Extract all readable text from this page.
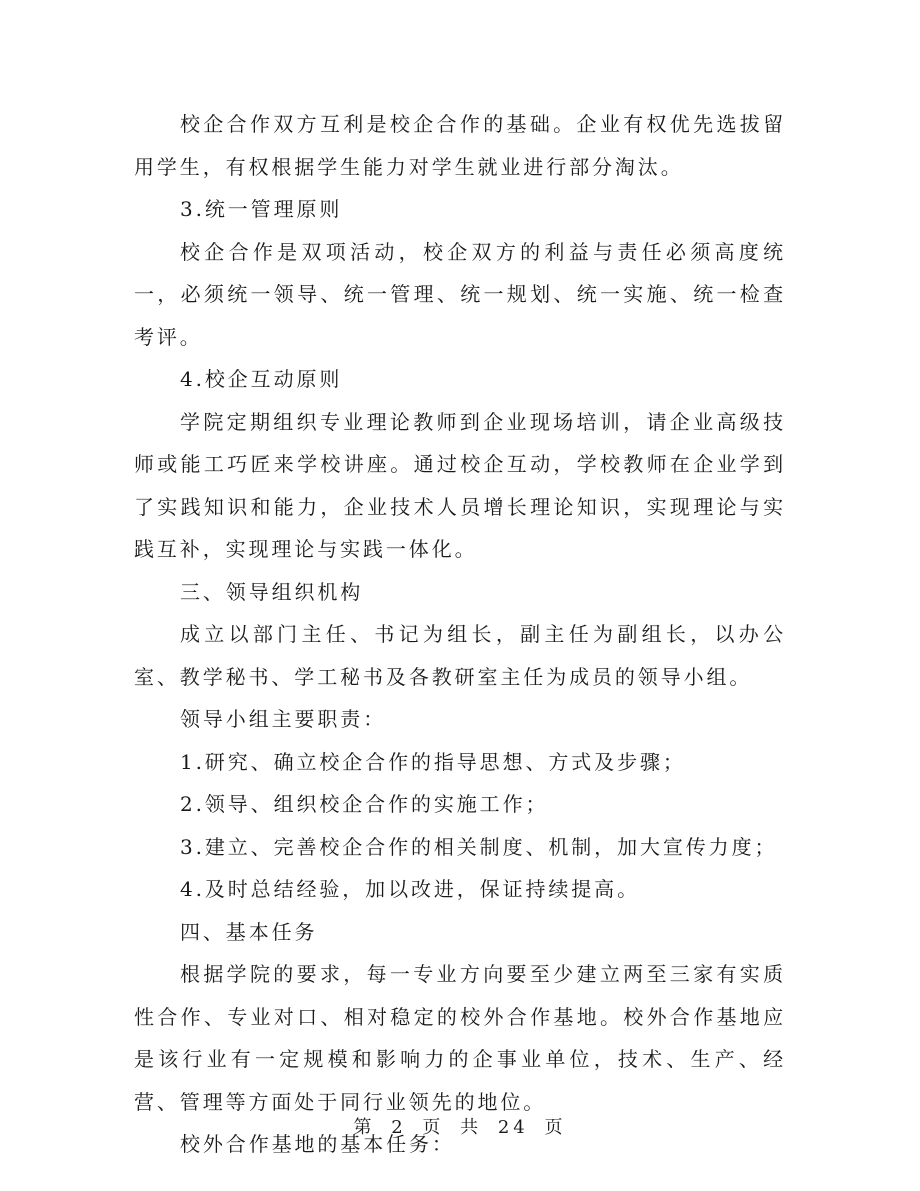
校企合作双方互利是校企合作的基础。企业有权优先选拔留用学生，有权根据学生能力对学生就业进行部分淘汰。

3.统一管理原则

校企合作是双项活动，校企双方的利益与责任必须高度统一，必须统一领导、统一管理、统一规划、统一实施、统一检查考评。

4.校企互动原则

学院定期组织专业理论教师到企业现场培训，请企业高级技师或能工巧匠来学校讲座。通过校企互动，学校教师在企业学到了实践知识和能力，企业技术人员增长理论知识，实现理论与实践互补，实现理论与实践一体化。

三、领导组织机构

成立以部门主任、书记为组长，副主任为副组长，以办公室、教学秘书、学工秘书及各教研室主任为成员的领导小组。

领导小组主要职责：

1.研究、确立校企合作的指导思想、方式及步骤；

2.领导、组织校企合作的实施工作；

3.建立、完善校企合作的相关制度、机制，加大宣传力度；

4.及时总结经验，加以改进，保证持续提高。

四、基本任务

根据学院的要求，每一专业方向要至少建立两至三家有实质性合作、专业对口、相对稳定的校外合作基地。校外合作基地应是该行业有一定规模和影响力的企事业单位，技术、生产、经营、管理等方面处于同行业领先的地位。

校外合作基地的基本任务：

第 2 页 共 24 页
